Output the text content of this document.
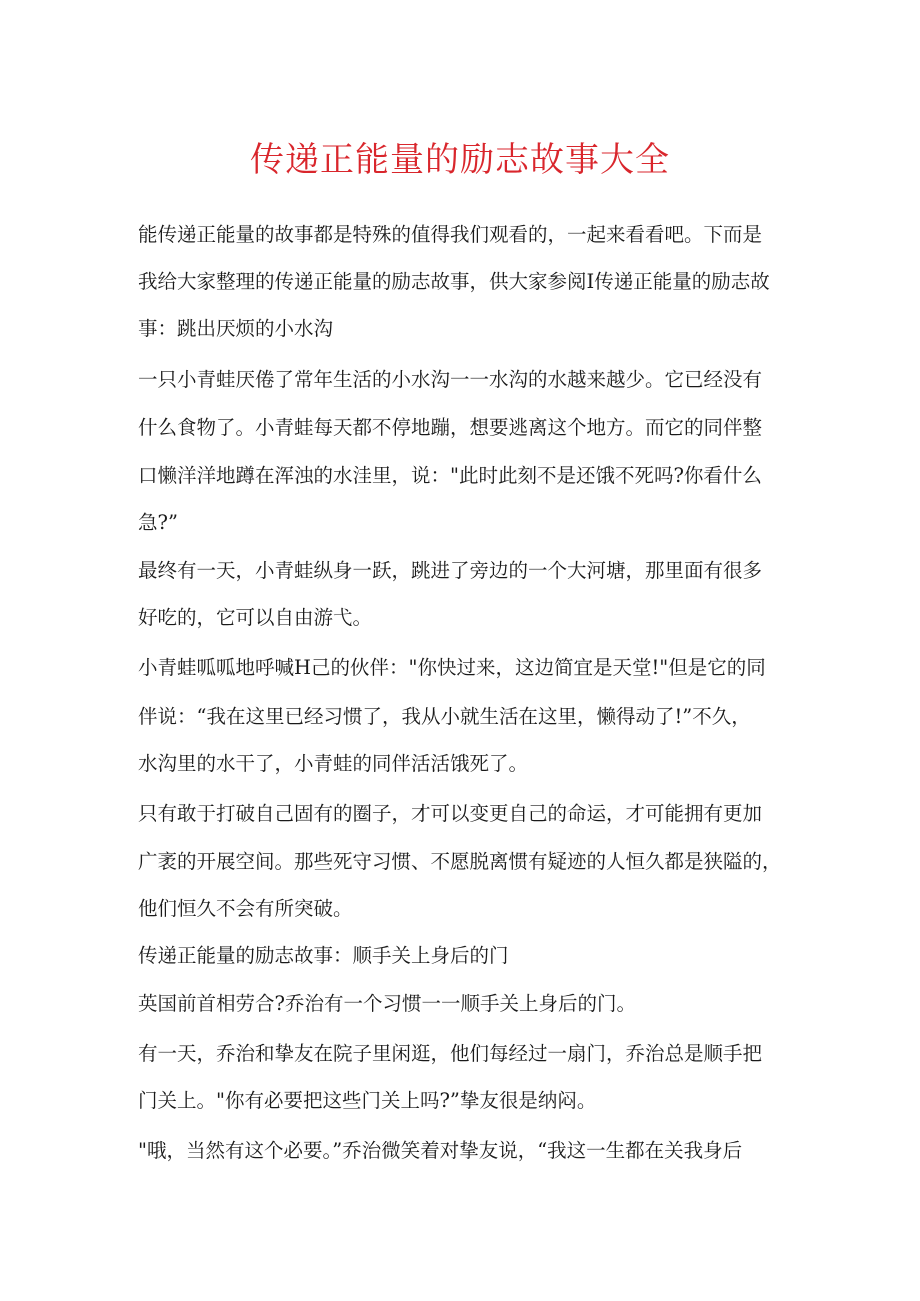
传递正能量的励志故事大全

能传递正能量的故事都是特殊的值得我们观看的，一起来看看吧。下而是

我给大家整理的传递正能量的励志故事，供大家参阅I传递正能量的励志故

事：跳出厌烦的小水沟

一只小青蛙厌倦了常年生活的小水沟一一水沟的水越来越少。它已经没有

什么食物了。小青蛙每天都不停地蹦，想要逃离这个地方。而它的同伴整

口懒洋洋地蹲在浑浊的水洼里，说："此时此刻不是还饿不死吗?你看什么

急?”

最终有一天，小青蛙纵身一跃，跳进了旁边的一个大河塘，那里面有很多

好吃的，它可以自由游弋。

小青蛙呱呱地呼喊H己的伙伴："你快过来，这边简宜是天堂!"但是它的同

伴说：“我在这里已经习惯了，我从小就生活在这里，懒得动了!”不久，

水沟里的水干了，小青蛙的同伴活活饿死了。

只有敢于打破自己固有的圈子，才可以变更自己的命运，才可能拥有更加

广袤的开展空间。那些死守习惯、不愿脱离惯有疑迹的人恒久都是狭隘的，

他们恒久不会有所突破。

传递正能量的励志故事：顺手关上身后的门

英国前首相劳合?乔治有一个习惯一一顺手关上身后的门。

有一天，乔治和挚友在院子里闲逛，他们每经过一扇门，乔治总是顺手把

门关上。"你有必要把这些门关上吗?”挚友很是纳闷。

"哦，当然有这个必要。”乔治微笑着对挚友说，“我这一生都在关我身后
